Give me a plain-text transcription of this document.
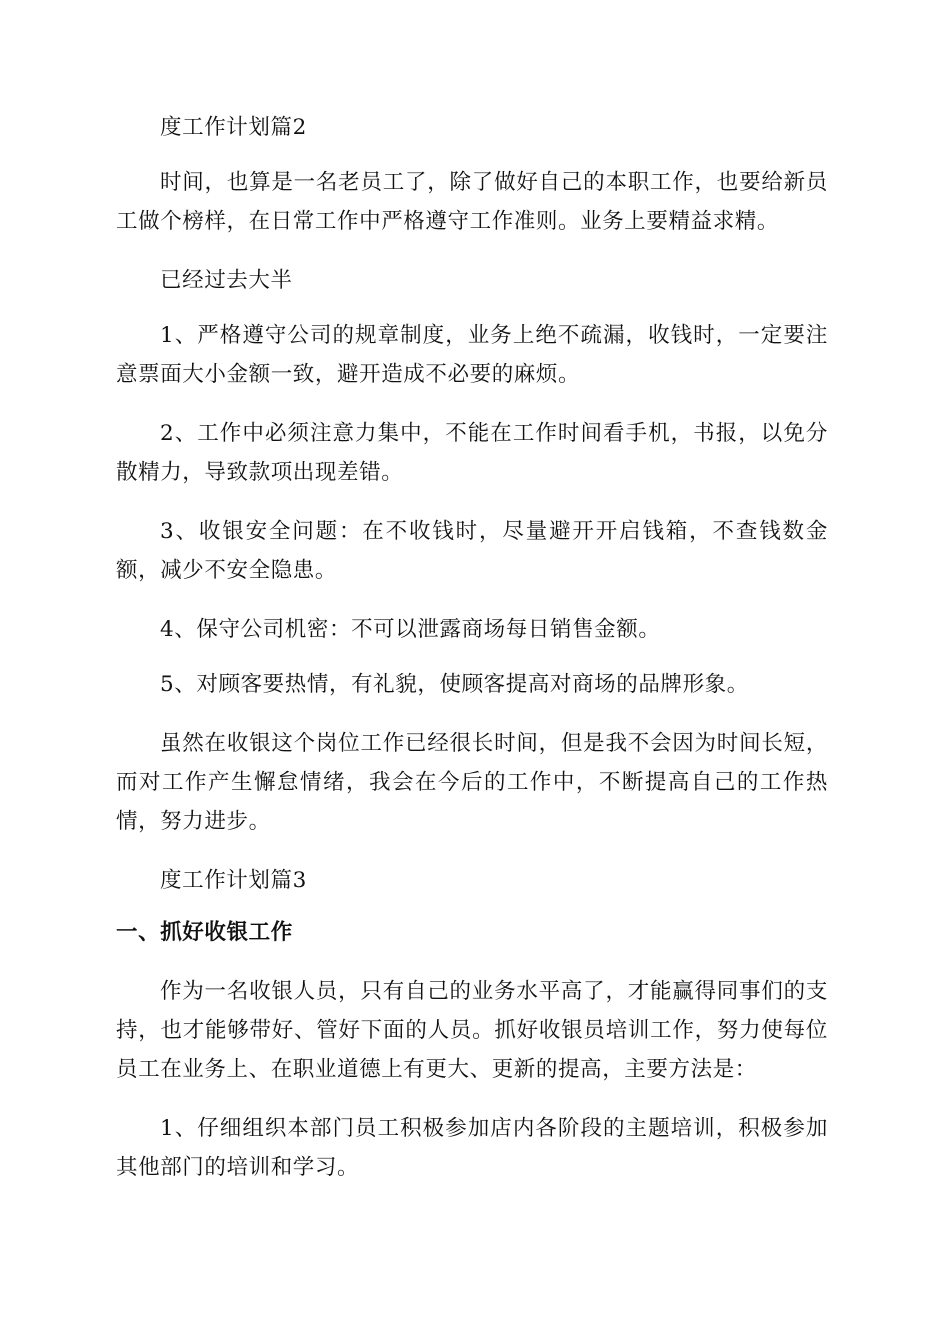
度工作计划篇2

时间，也算是一名老员工了，除了做好自己的本职工作，也要给新员工做个榜样，在日常工作中严格遵守工作准则。业务上要精益求精。

已经过去大半

1、严格遵守公司的规章制度，业务上绝不疏漏，收钱时，一定要注意票面大小金额一致，避开造成不必要的麻烦。

2、工作中必须注意力集中，不能在工作时间看手机，书报，以免分散精力，导致款项出现差错。

3、收银安全问题：在不收钱时，尽量避开开启钱箱，不查钱数金额，减少不安全隐患。

4、保守公司机密：不可以泄露商场每日销售金额。

5、对顾客要热情，有礼貌，使顾客提高对商场的品牌形象。

虽然在收银这个岗位工作已经很长时间，但是我不会因为时间长短，而对工作产生懈怠情绪，我会在今后的工作中，不断提高自己的工作热情，努力进步。

度工作计划篇3

一、抓好收银工作

作为一名收银人员，只有自己的业务水平高了，才能赢得同事们的支持，也才能够带好、管好下面的人员。抓好收银员培训工作，努力使每位员工在业务上、在职业道德上有更大、更新的提高，主要方法是：

1、仔细组织本部门员工积极参加店内各阶段的主题培训，积极参加其他部门的培训和学习。
